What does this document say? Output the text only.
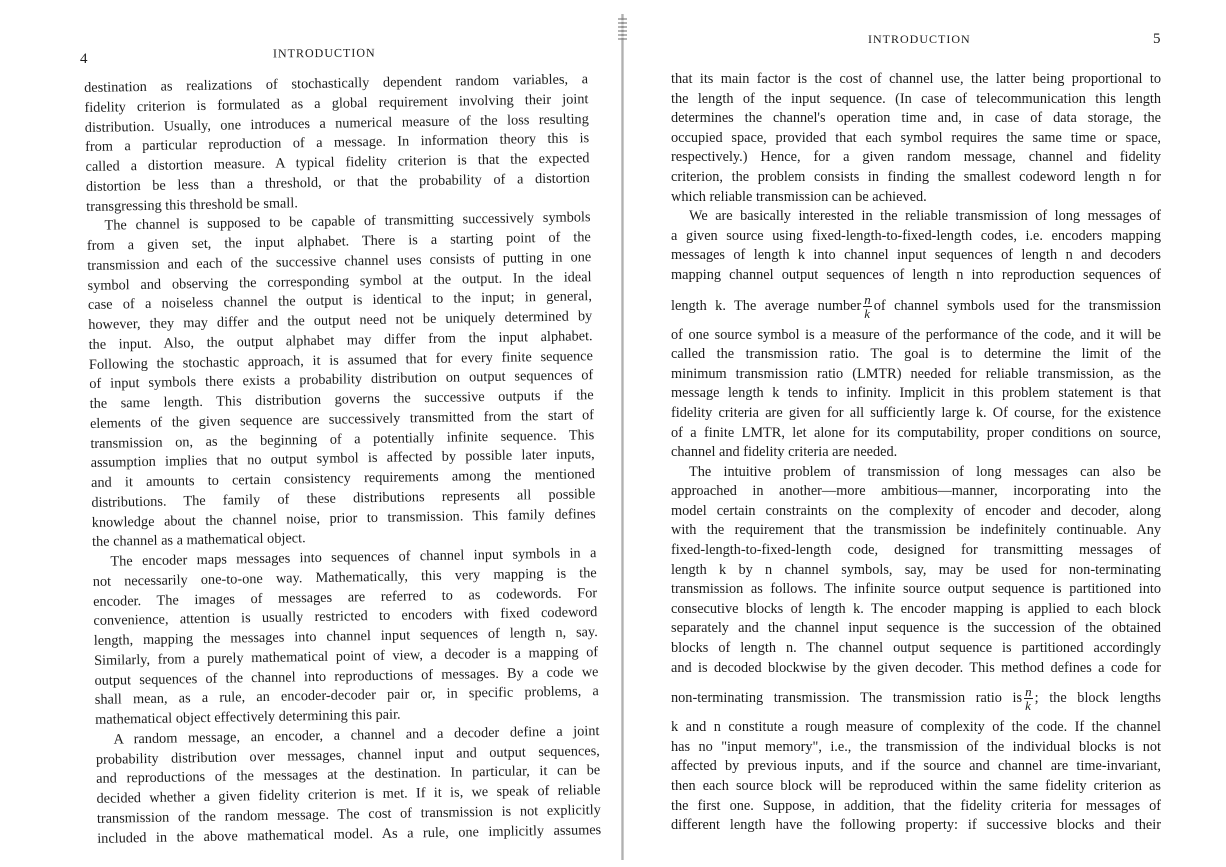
4	INTRODUCTION
destination as realizations of stochastically dependent random variables, a
fidelity criterion is formulated as a global requirement involving their joint
distribution. Usually, one introduces a numerical measure of the loss resulting
from a particular reproduction of a message. In information theory this is
called a distortion measure. A typical fidelity criterion is that the expected
distortion be less than a threshold, or that the probability of a distortion
transgressing this threshold be small.
The channel is supposed to be capable of transmitting successively symbols
from a given set, the input alphabet. There is a starting point of the
transmission and each of the successive channel uses consists of putting in one
symbol and observing the corresponding symbol at the output. In the ideal
case of a noiseless channel the output is identical to the input; in general,
however, they may differ and the output need not be uniquely determined by
the input. Also, the output alphabet may differ from the input alphabet.
Following the stochastic approach, it is assumed that for every finite sequence
of input symbols there exists a probability distribution on output sequences of
the same length. This distribution governs the successive outputs if the
elements of the given sequence are successively transmitted from the start of
transmission on, as the beginning of a potentially infinite sequence. This
assumption implies that no output symbol is affected by possible later inputs,
and it amounts to certain consistency requirements among the mentioned
distributions. The family of these distributions represents all possible
knowledge about the channel noise, prior to transmission. This family defines
the channel as a mathematical object.
The encoder maps messages into sequences of channel input symbols in a
not necessarily one-to-one way. Mathematically, this very mapping is the
encoder. The images of messages are referred to as codewords. For
convenience, attention is usually restricted to encoders with fixed codeword
length, mapping the messages into channel input sequences of length n, say.
Similarly, from a purely mathematical point of view, a decoder is a mapping of
output sequences of the channel into reproductions of messages. By a code we
shall mean, as a rule, an encoder-decoder pair or, in specific problems, a
mathematical object effectively determining this pair.
A random message, an encoder, a channel and a decoder define a joint
probability distribution over messages, channel input and output sequences,
and reproductions of the messages at the destination. In particular, it can be
decided whether a given fidelity criterion is met. If it is, we speak of reliable
transmission of the random message. The cost of transmission is not explicitly
included in the above mathematical model. As a rule, one implicitly assumes
INTRODUCTION	5
that its main factor is the cost of channel use, the latter being proportional to
the length of the input sequence. (In case of telecommunication this length
determines the channel's operation time and, in case of data storage, the
occupied space, provided that each symbol requires the same time or space,
respectively.) Hence, for a given random message, channel and fidelity
criterion, the problem consists in finding the smallest codeword length n for
which reliable transmission can be achieved.
We are basically interested in the reliable transmission of long messages of
a given source using fixed-length-to-fixed-length codes, i.e. encoders mapping
messages of length k into channel input sequences of length n and decoders
mapping channel output sequences of length n into reproduction sequences of
length k. The average number $\frac{n}{k}$ of channel symbols used for the transmission
of one source symbol is a measure of the performance of the code, and it will be
called the transmission ratio. The goal is to determine the limit of the
minimum transmission ratio (LMTR) needed for reliable transmission, as the
message length k tends to infinity. Implicit in this problem statement is that
fidelity criteria are given for all sufficiently large k. Of course, for the existence
of a finite LMTR, let alone for its computability, proper conditions on source,
channel and fidelity criteria are needed.
The intuitive problem of transmission of long messages can also be
approached in another—more ambitious—manner, incorporating into the
model certain constraints on the complexity of encoder and decoder, along
with the requirement that the transmission be indefinitely continuable. Any
fixed-length-to-fixed-length code, designed for transmitting messages of
length k by n channel symbols, say, may be used for non-terminating
transmission as follows. The infinite source output sequence is partitioned into
consecutive blocks of length k. The encoder mapping is applied to each block
separately and the channel input sequence is the succession of the obtained
blocks of length n. The channel output sequence is partitioned accordingly
and is decoded blockwise by the given decoder. This method defines a code for
non-terminating transmission. The transmission ratio is $\frac{n}{k}$ ; the block lengths
k and n constitute a rough measure of complexity of the code. If the channel
has no "input memory", i.e., the transmission of the individual blocks is not
affected by previous inputs, and if the source and channel are time-invariant,
then each source block will be reproduced within the same fidelity criterion as
the first one. Suppose, in addition, that the fidelity criteria for messages of
different length have the following property: if successive blocks and their
